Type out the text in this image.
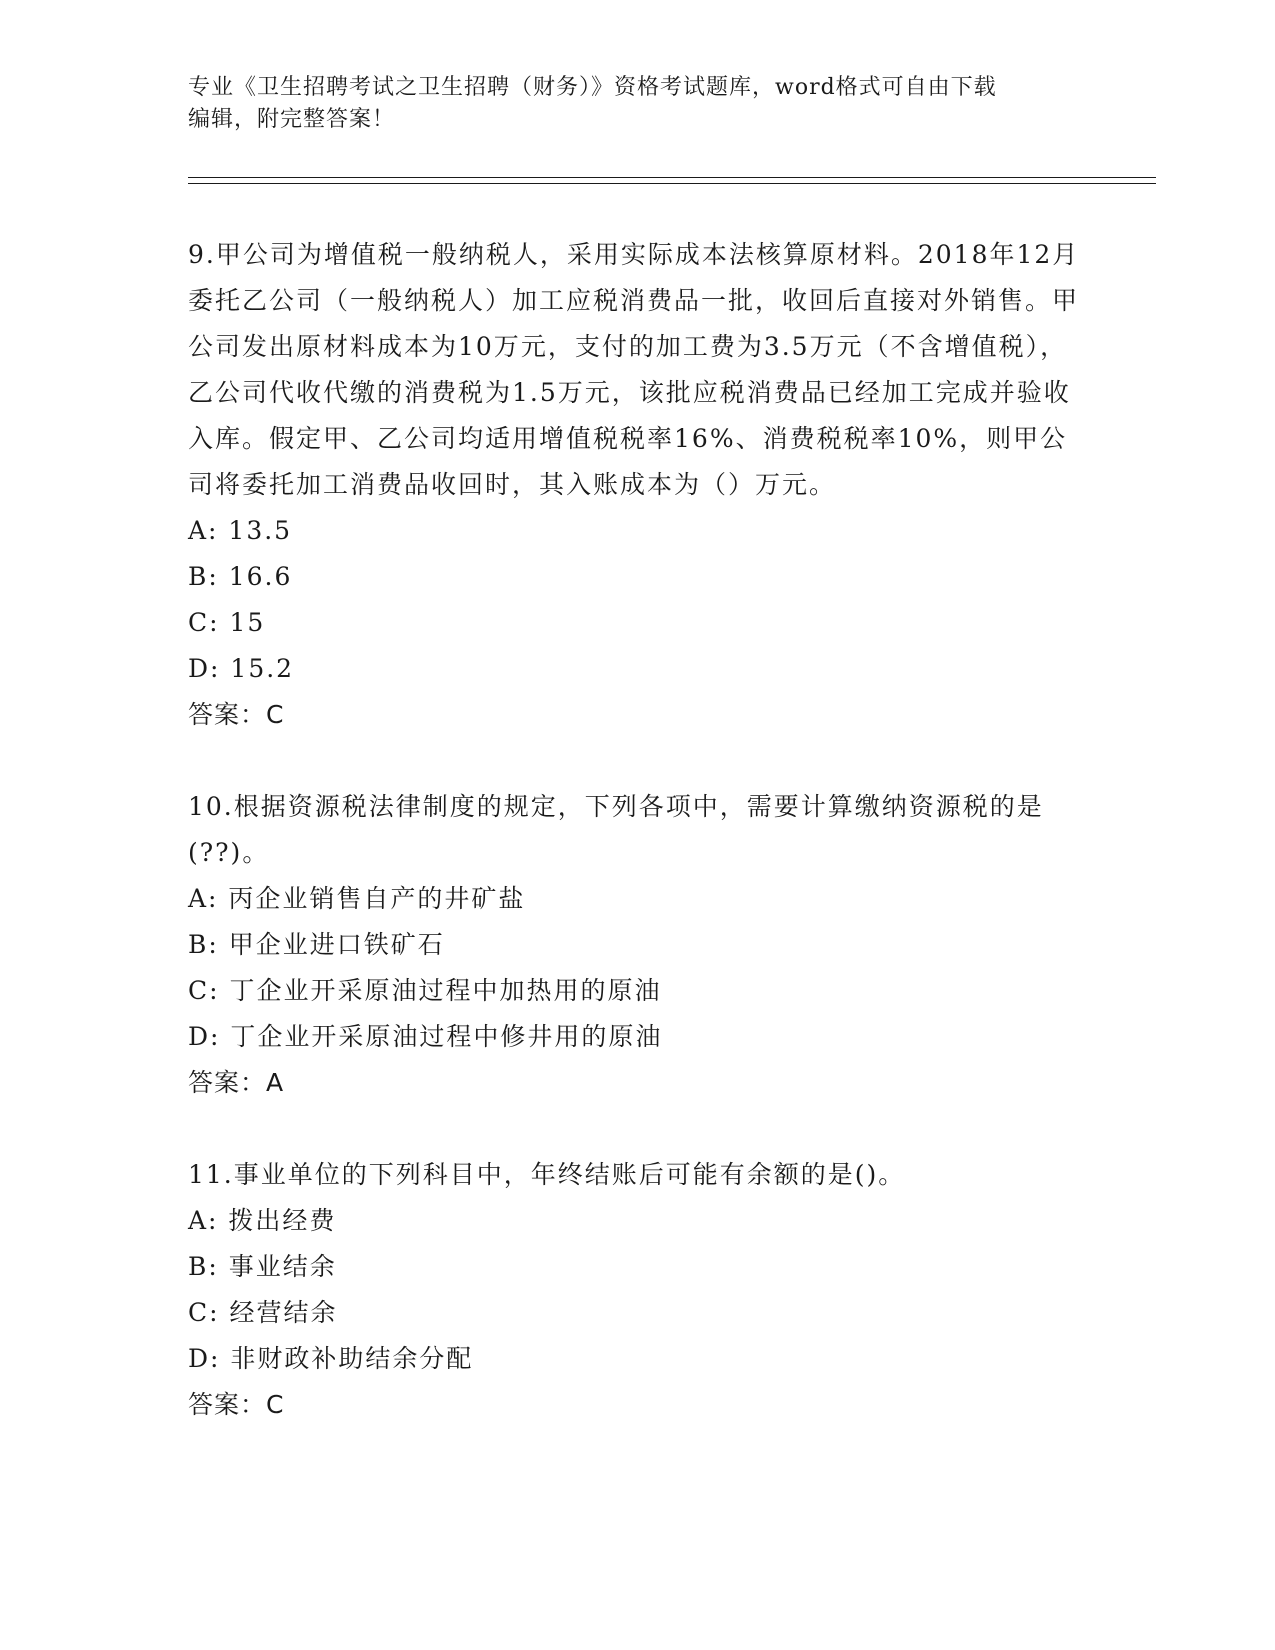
专业《卫生招聘考试之卫生招聘（财务）》资格考试题库，word格式可自由下载
编辑，附完整答案！

9.甲公司为增值税一般纳税人，采用实际成本法核算原材料。2018年12月委托乙公司（一般纳税人）加工应税消费品一批，收回后直接对外销售。甲公司发出原材料成本为10万元，支付的加工费为3.5万元（不含增值税），乙公司代收代缴的消费税为1.5万元，该批应税消费品已经加工完成并验收入库。假定甲、乙公司均适用增值税税率16%、消费税税率10%，则甲公司将委托加工消费品收回时，其入账成本为（）万元。

A: 13.5
B: 16.6
C: 15
D: 15.2
答案：C

10.根据资源税法律制度的规定，下列各项中，需要计算缴纳资源税的是(??)。

A: 丙企业销售自产的井矿盐
B: 甲企业进口铁矿石
C: 丁企业开采原油过程中加热用的原油
D: 丁企业开采原油过程中修井用的原油
答案：A

11.事业单位的下列科目中，年终结账后可能有余额的是()。

A: 拨出经费
B: 事业结余
C: 经营结余
D: 非财政补助结余分配
答案：C
